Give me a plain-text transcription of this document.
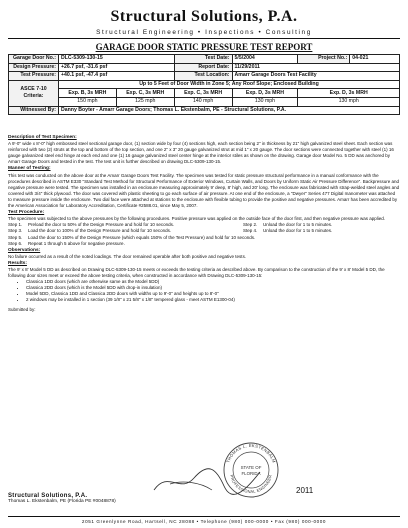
Structural Solutions, P.A.
Structural Engineering • Inspections • Consulting
GARAGE DOOR STATIC PRESSURE TEST REPORT
Garage Door No.:	DLC-5309-130-15		Test Date:	5/5/2004	Project No.:	04-021
Design Pressure:	+26.7 psf, -31.6 psf		Report Date:	11/29/2011		
Test Pressure:	+40.1 psf, -47.4 psf		Test Location:	Amarr Garage Doors Test Facility		
ASCE 7-10 Criteria:	Up to 5 Feet of Door Width in Zone 5; Any Roof Slope; Enclosed Building					
	Exp. B, 3s MRH	Exp. C, 3s MRH	Exp. C, 3s MRH	Exp. D, 3s MRH	Exp. D, 3s MRH	
	150 mph	125 mph	140 mph	130 mph	130 mph	
Witnessed By:	Danny Boyter - Amarr Garage Doors; Thomas L. Ekstenbalm, PE - Structural Solutions, P.A.					

Description of Test Specimen:

A 9'-0" wide x 8'-0" high embossed steel sectional garage door, (1) section wide by four (4) sections high, each section being 2" in thickness by 21" high galvanized steel sheet. Each section was reinforced with two (2) struts at the top and bottom of the top section, and one 2" x 3" 20 gauge galvanized strut at mid 1" x 20 gauge. The door sections were connected together with steel (1) 16 gauge galvanized steel end hinge at each end and one (1) 16 gauge galvanized steel center hinge at the interior stiles as shown on the drawing. Garage door Model No. 5 DD was anchored by Amarr Garage Doors and tested in the test. The test unit is further described on drawing DLC-5309-130-15.

Manner of Testing:

This test was conducted on the above door at the Amarr Garage Doors Test Facility. The specimen was tested for static pressure structural performance in a manual conformance with the procedures described in ASTM E330 "Standard Test Method for Structural Performance of Exterior Windows, Curtain Walls, and Doors by Uniform Static Air Pressure Difference". Backpressure and negative pressure were tested. The specimen was installed in an enclosure measuring approximately 9' deep, 8' high, and 20' long. The enclosure was fabricated with strap-welded steel angles and covered with 3/4" thick plywood. The door was covered with plastic sheeting to go each surface of air pressure. At one end of the enclosure, a "Dwyer" Series 477 Digital manometer was attached to measure pressure inside the enclosure. Two dial face were attached at stations to the enclosure with flexible tubing to provide the positive and negative pressures. Amarr has been accredited by the American Association for Laboratory Accreditation, Certificate #2588.01, since May 5, 2007.

Test Procedure:

The specimen was subjected to the above pressures by the following procedures. Positive pressure was applied on the outside face of the door first, and then negative pressure was applied.

Step 1.	Preload the door to 50% of the Design Pressure and hold for 10 seconds.	Step 2.	Unload the door for 1 to 5 minutes.
Step 3.	Load the door to 100% of the Design Pressure and hold for 10 seconds.	Step 4.	Unload the door for 1 to 5 minutes.
Step 5.	Load the door to 150% of the Design Pressure (which equals 150% of the Test Pressure) and hold for 10 seconds.
Step 6.	Repeat 1 through 5 above for negative pressure.

Observations:

No failure occurred as a result of the noted loadings. The door remained operable after both positive and negative tests.

Results:

The 9' x 8' Model 5 DD as described on Drawing DLC-5309-130-15 meets or exceeds the testing criteria as described above. By comparison to the construction of the 9' x 8' Model 5 DD, the following door sizes meet or exceed the above testing criteria, when constructed in accordance with Drawing DLC-5309-130-15:

• Classica 1DD doors (which are otherwise same as the Model 5DD)
• Classica 2DD doors (which is the Model 5DD with drop-in insulation)
• Model 5DD, Classica 1DD and Classica 2DD doors with widths up to 9'-0" and heights up to 8'-0"
• 2 windows may be installed in 1 section (39 1/8" x 21 5/8" x 1/8" tempered glass - meet ASTM E1300-04)

Submitted by:

THOMAS L. EKSTENBALM
PROFESSIONAL ENGINEER
STATE OF
FLORIDA
2011
Structural Solutions, P.A.
Thomas L. Ekstenbalm, PE (Florida PE #0048878)
2051 Greenlynne Road, Hartsell, NC 28088 • Telephone (980) 000-0000 • Fax (980) 000-0000
